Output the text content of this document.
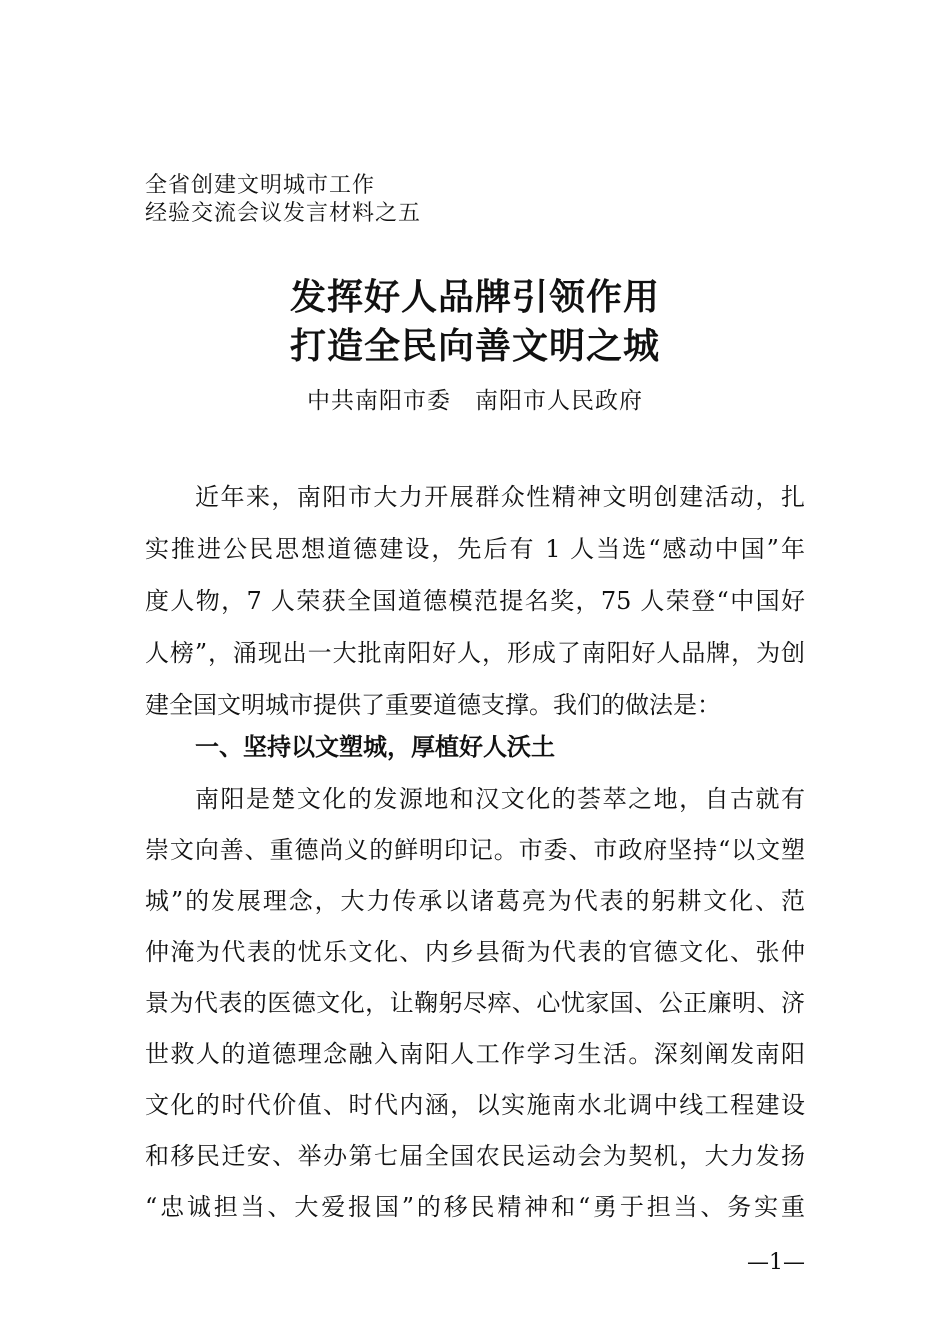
全省创建文明城市工作
经验交流会议发言材料之五
发挥好人品牌引领作用
打造全民向善文明之城
中共南阳市委 南阳市人民政府
近年来，南阳市大力开展群众性精神文明创建活动，扎
实推进公民思想道德建设，先后有 1 人当选“感动中国”年
度人物，7 人荣获全国道德模范提名奖，75 人荣登“中国好
人榜”，涌现出一大批南阳好人，形成了南阳好人品牌，为创
建全国文明城市提供了重要道德支撑。我们的做法是：
一、坚持以文塑城，厚植好人沃土
南阳是楚文化的发源地和汉文化的荟萃之地，自古就有
崇文向善、重德尚义的鲜明印记。市委、市政府坚持“以文塑
城”的发展理念，大力传承以诸葛亮为代表的躬耕文化、范
仲淹为代表的忧乐文化、内乡县衙为代表的官德文化、张仲
景为代表的医德文化，让鞠躬尽瘁、心忧家国、公正廉明、济
世救人的道德理念融入南阳人工作学习生活。深刻阐发南阳
文化的时代价值、时代内涵，以实施南水北调中线工程建设
和移民迁安、举办第七届全国农民运动会为契机，大力发扬
“忠诚担当、大爱报国”的移民精神和“勇于担当、务实重
—1—
